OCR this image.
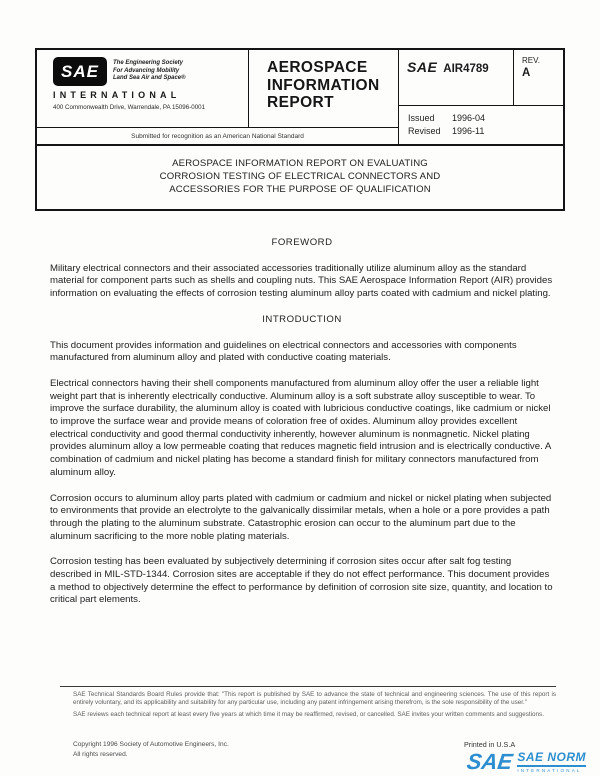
SAE The Engineering Society
For Advancing Mobility
Land Sea Air and Space®
INTERNATIONAL
400 Commonwealth Drive, Warrendale, PA 15096-0001
AEROSPACE INFORMATION REPORT
Submitted for recognition as an American National Standard
SAE AIR4789
REV.
A
Issued	1996-04
Revised	1996-11
AEROSPACE INFORMATION REPORT ON EVALUATING CORROSION TESTING OF ELECTRICAL CONNECTORS AND ACCESSORIES FOR THE PURPOSE OF QUALIFICATION
FOREWORD

Military electrical connectors and their associated accessories traditionally utilize aluminum alloy as the standard material for component parts such as shells and coupling nuts. This SAE Aerospace Information Report (AIR) provides information on evaluating the effects of corrosion testing aluminum alloy parts coated with cadmium and nickel plating.

INTRODUCTION

This document provides information and guidelines on electrical connectors and accessories with components manufactured from aluminum alloy and plated with conductive coating materials.

Electrical connectors having their shell components manufactured from aluminum alloy offer the user a reliable light weight part that is inherently electrically conductive. Aluminum alloy is a soft substrate alloy susceptible to wear. To improve the surface durability, the aluminum alloy is coated with lubricious conductive coatings, like cadmium or nickel to improve the surface wear and provide means of coloration free of oxides. Aluminum alloy provides excellent electrical conductivity and good thermal conductivity inherently, however aluminum is nonmagnetic. Nickel plating provides aluminum alloy a low permeable coating that reduces magnetic field intrusion and is electrically conductive. A combination of cadmium and nickel plating has become a standard finish for military connectors manufactured from aluminum alloy.

Corrosion occurs to aluminum alloy parts plated with cadmium or cadmium and nickel or nickel plating when subjected to environments that provide an electrolyte to the galvanically dissimilar metals, when a hole or a pore provides a path through the plating to the aluminum substrate. Catastrophic erosion can occur to the aluminum part due to the aluminum sacrificing to the more noble plating materials.

Corrosion testing has been evaluated by subjectively determining if corrosion sites occur after salt fog testing described in MIL-STD-1344. Corrosion sites are acceptable if they do not effect performance. This document provides a method to objectively determine the effect to performance by definition of corrosion site size, quantity, and location to critical part elements.

SAE Technical Standards Board Rules provide that: "This report is published by SAE to advance the state of technical and engineering sciences. The use of this report is entirely voluntary, and its applicability and suitability for any particular use, including any patent infringement arising therefrom, is the sole responsibility of the user."

SAE reviews each technical report at least every five years at which time it may be reaffirmed, revised, or cancelled. SAE invites your written comments and suggestions.

Copyright 1996 Society of Automotive Engineers, Inc.
All rights reserved.
Printed in U.S.A
SAE SAE NORM
INTERNATIONAL
